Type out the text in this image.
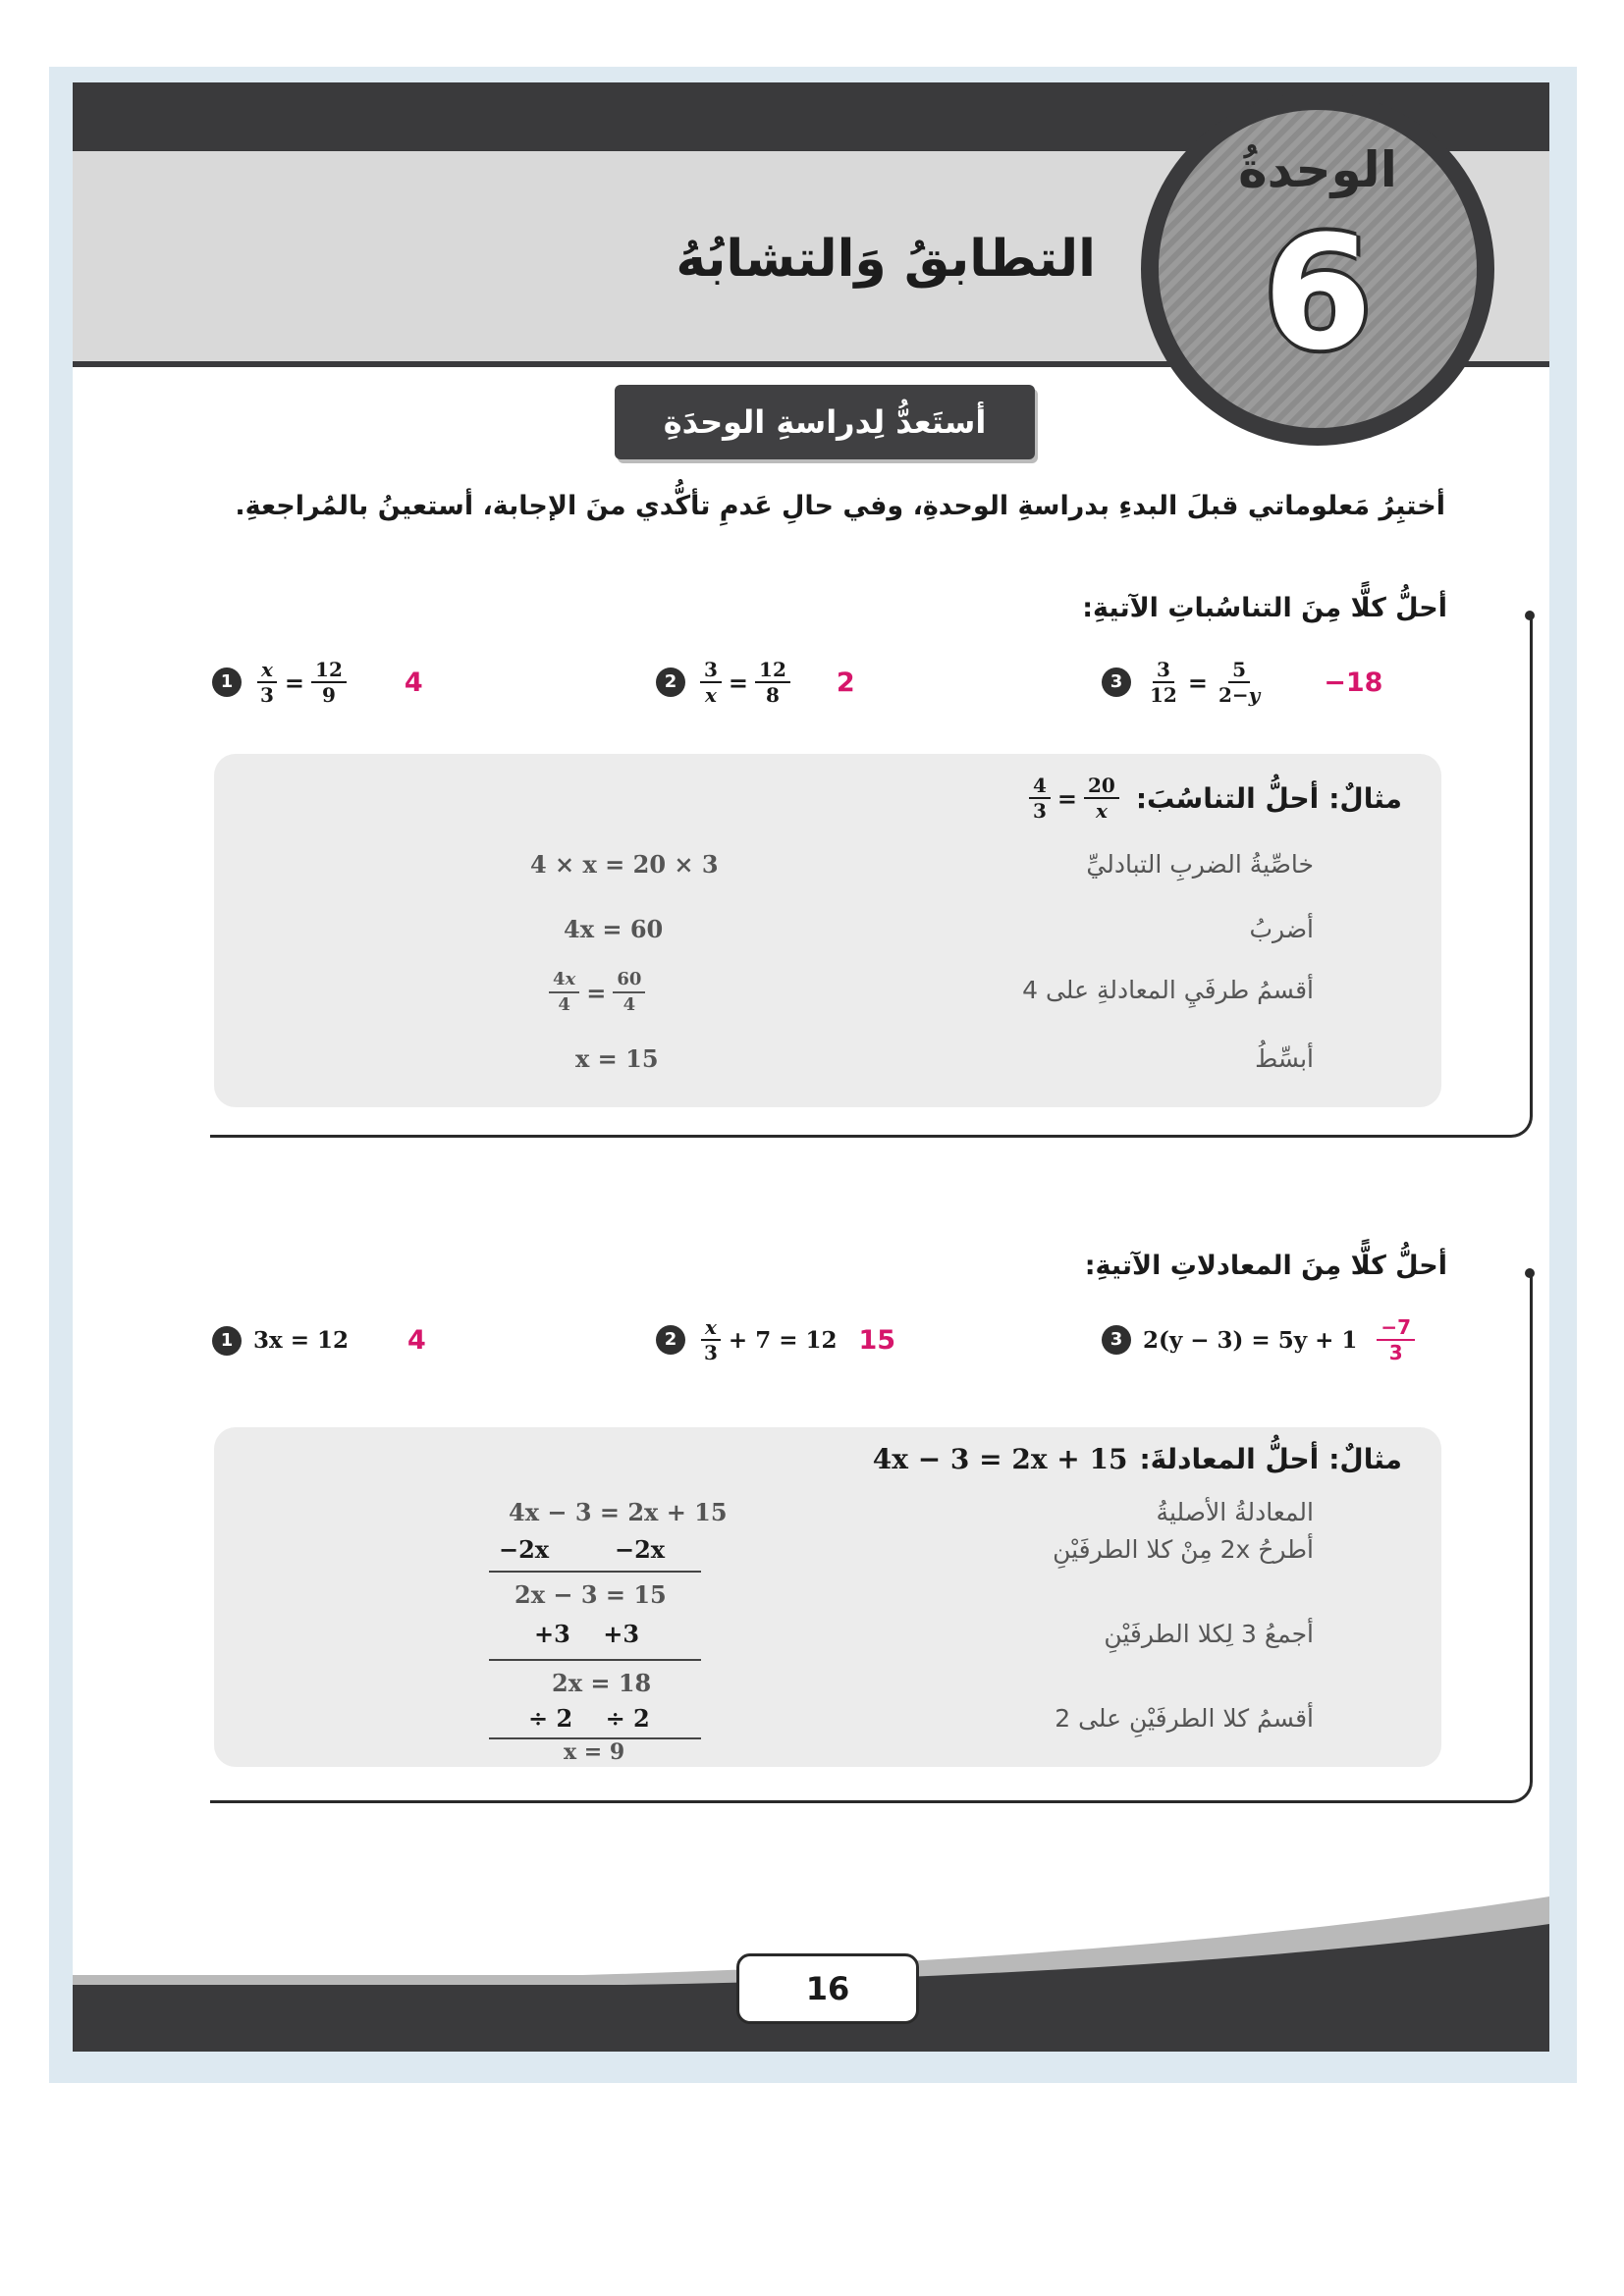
التطابقُ وَالتشابُهُ
الوحدةُ
6
أستَعدُّ لِدراسةِ الوحدَةِ
أختبِرُ مَعلوماتي قبلَ البدءِ بدراسةِ الوحدةِ، وفي حالِ عَدمِ تأكُّدي منَ الإجابة، أستعينُ بالمُراجعةِ.
أحلُّ كلًّا مِنَ التناسُباتِ الآتيةِ:
1	$\frac{x}{3} = \frac{12}{9} 4$	2	$\frac{3}{x} = \frac{12}{8} 2$	3	$\frac{3}{12} = \frac{5}{2-y} -18$
مثالٌ:
أحلُّ التناسُبَ:
$\frac{4}{3} = \frac{20}{x}$
خاصِّيةُ الضربِ التبادليِّ
4 × x = 20 × 3
أضربُ
4x = 60
أقسمُ طرفَيِ المعادلةِ على 4
$\frac{4x}{4} = \frac{60}{4}$
أبسِّطُ
x = 15
أحلُّ كلًّا مِنَ المعادلاتِ الآتيةِ:
1 3x = 12 4	2	$\frac{x}{3} + 7 = 12$ 15	3 $2(y - 3) = 5y + 1 \frac{-7}{3}$
مثالٌ:
أحلُّ المعادلةَ:
4x − 3 = 2x + 15
المعادلةُ الأصليةُ
4x − 3 = 2x + 15
أطرحُ 2x مِنْ كلا الطرفَيْنِ
−2x        −2x
2x − 3 = 15
أجمعُ 3 لِكلا الطرفَيْنِ
+3    +3
2x = 18
أقسمُ كلا الطرفَيْنِ على 2
÷ 2    ÷ 2
x = 9
16
